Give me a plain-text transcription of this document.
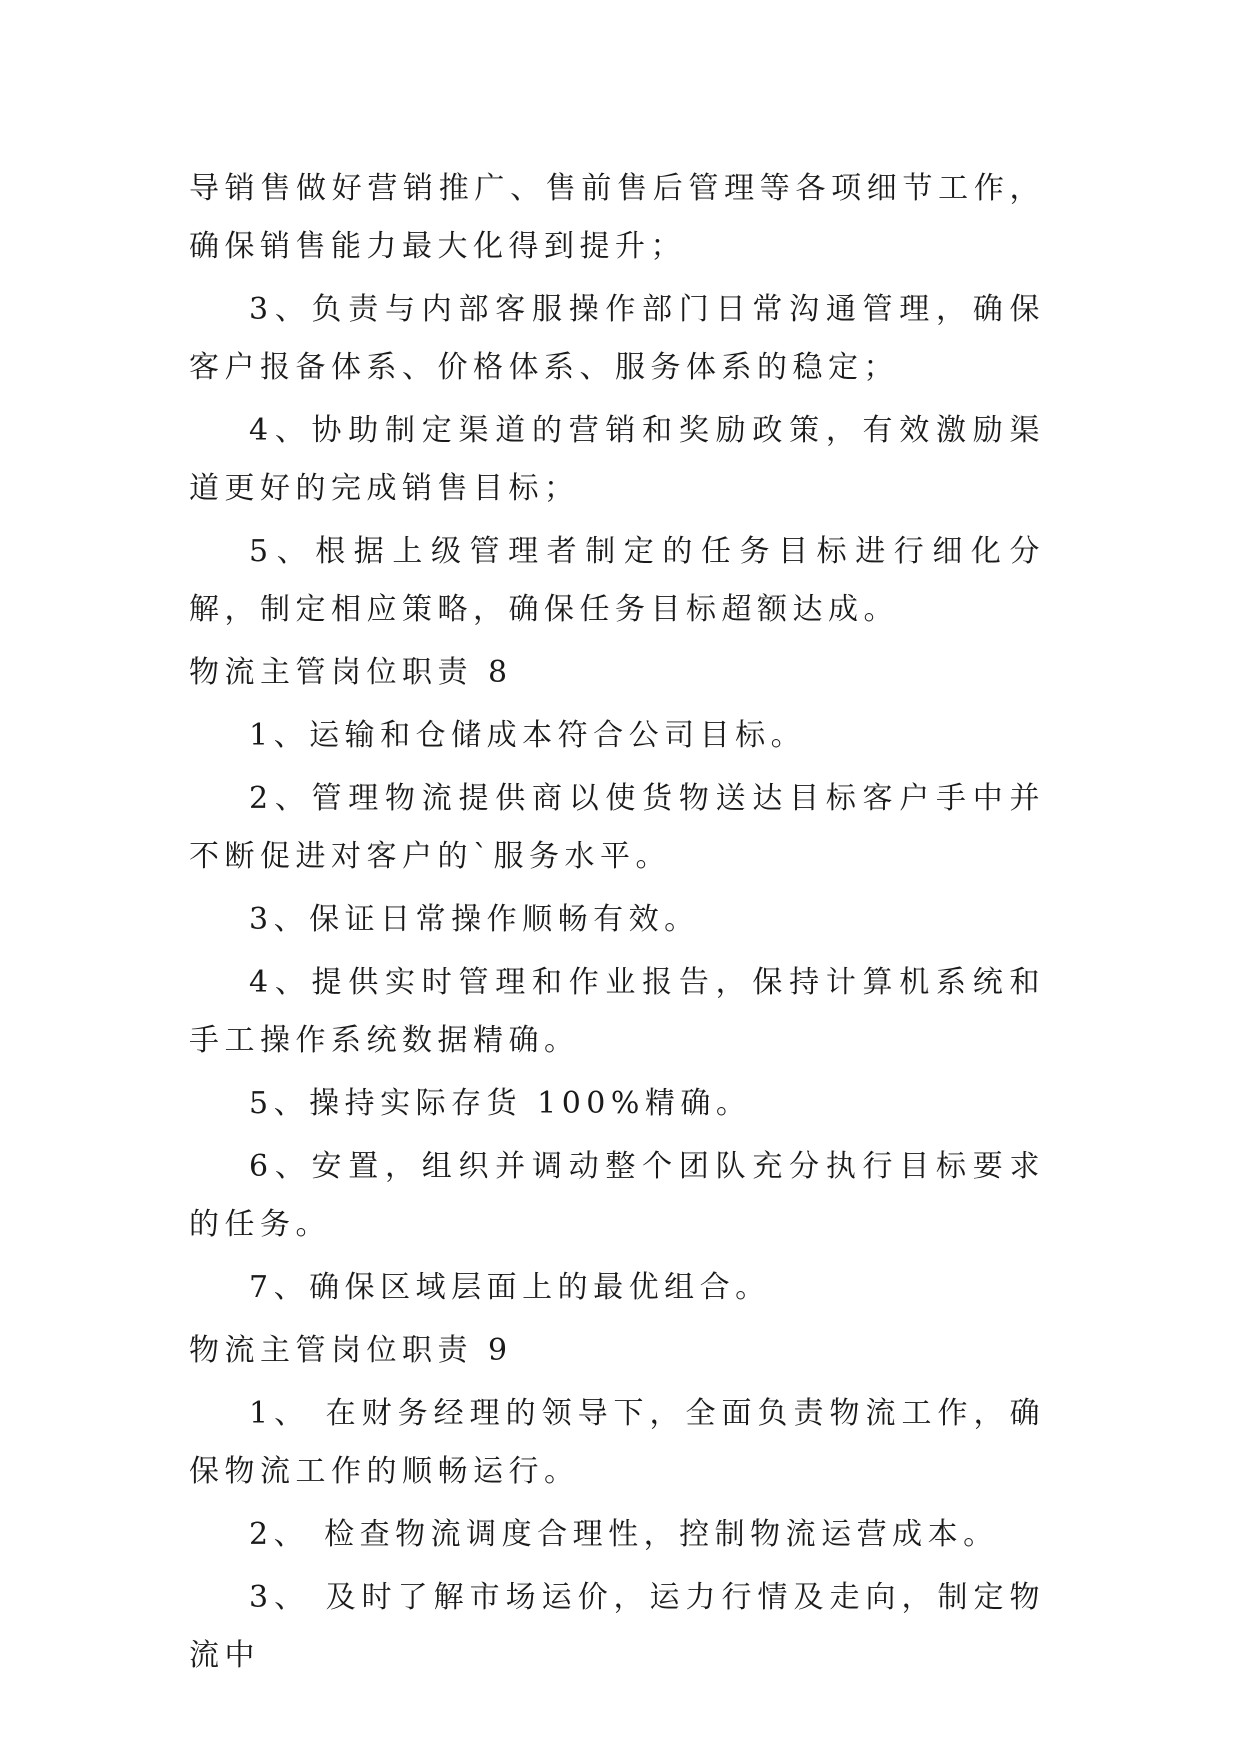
导销售做好营销推广、售前售后管理等各项细节工作，确保销售能力最大化得到提升；

3、负责与内部客服操作部门日常沟通管理，确保客户报备体系、价格体系、服务体系的稳定；

4、协助制定渠道的营销和奖励政策，有效激励渠道更好的完成销售目标；

5、根据上级管理者制定的任务目标进行细化分解，制定相应策略，确保任务目标超额达成。

物流主管岗位职责 8

1、运输和仓储成本符合公司目标。

2、管理物流提供商以使货物送达目标客户手中并不断促进对客户的`服务水平。

3、保证日常操作顺畅有效。

4、提供实时管理和作业报告，保持计算机系统和手工操作系统数据精确。

5、操持实际存货 100%精确。

6、安置，组织并调动整个团队充分执行目标要求的任务。

7、确保区域层面上的最优组合。

物流主管岗位职责 9

1、 在财务经理的领导下，全面负责物流工作，确保物流工作的顺畅运行。

2、 检查物流调度合理性，控制物流运营成本。

3、 及时了解市场运价，运力行情及走向，制定物流中
